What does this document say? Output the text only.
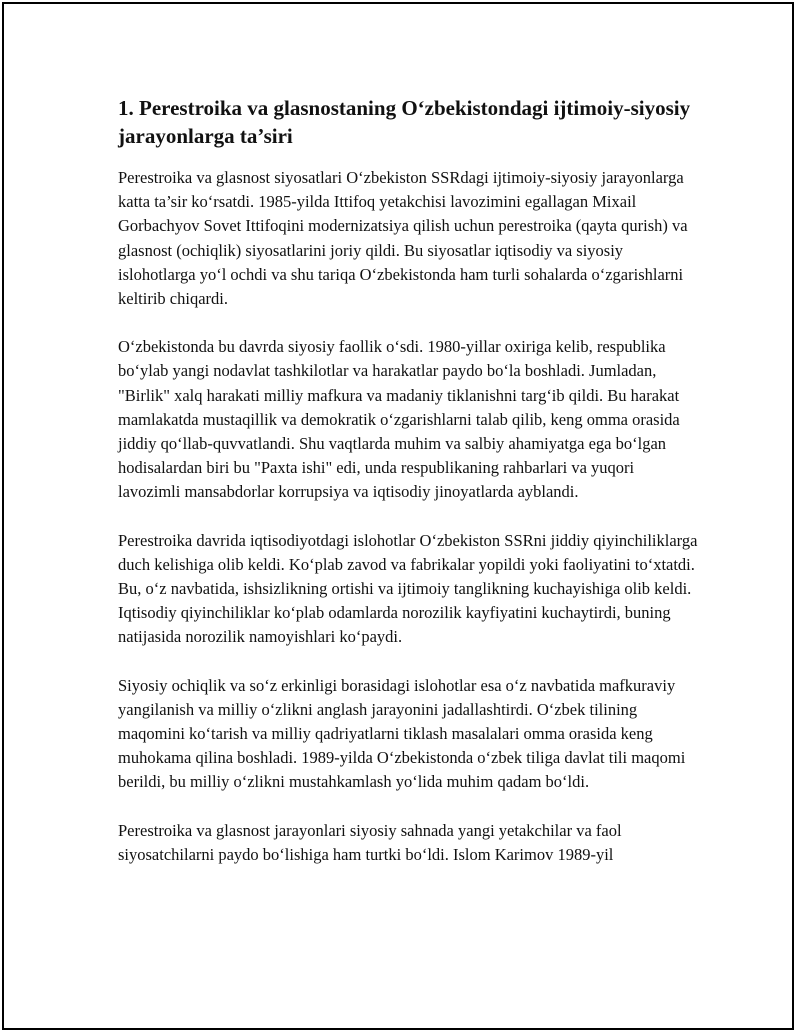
1. Perestroika va glasnostaning O‘zbekistondagi ijtimoiy-siyosiy jarayonlarga ta’siri

Perestroika va glasnost siyosatlari O‘zbekiston SSRdagi ijtimoiy-siyosiy jarayonlarga katta ta’sir ko‘rsatdi. 1985-yilda Ittifoq yetakchisi lavozimini egallagan Mixail Gorbachyov Sovet Ittifoqini modernizatsiya qilish uchun perestroika (qayta qurish) va glasnost (ochiqlik) siyosatlarini joriy qildi. Bu siyosatlar iqtisodiy va siyosiy islohotlarga yo‘l ochdi va shu tariqa O‘zbekistonda ham turli sohalarda o‘zgarishlarni keltirib chiqardi.

O‘zbekistonda bu davrda siyosiy faollik o‘sdi. 1980-yillar oxiriga kelib, respublika bo‘ylab yangi nodavlat tashkilotlar va harakatlar paydo bo‘la boshladi. Jumladan, "Birlik" xalq harakati milliy mafkura va madaniy tiklanishni targ‘ib qildi. Bu harakat mamlakatda mustaqillik va demokratik o‘zgarishlarni talab qilib, keng omma orasida jiddiy qo‘llab-quvvatlandi. Shu vaqtlarda muhim va salbiy ahamiyatga ega bo‘lgan hodisalardan biri bu "Paxta ishi" edi, unda respublikaning rahbarlari va yuqori lavozimli mansabdorlar korrupsiya va iqtisodiy jinoyatlarda ayblandi.

Perestroika davrida iqtisodiyotdagi islohotlar O‘zbekiston SSRni jiddiy qiyinchiliklarga duch kelishiga olib keldi. Ko‘plab zavod va fabrikalar yopildi yoki faoliyatini to‘xtatdi. Bu, o‘z navbatida, ishsizlikning ortishi va ijtimoiy tanglikning kuchayishiga olib keldi. Iqtisodiy qiyinchiliklar ko‘plab odamlarda norozilik kayfiyatini kuchaytirdi, buning natijasida norozilik namoyishlari ko‘paydi.

Siyosiy ochiqlik va so‘z erkinligi borasidagi islohotlar esa o‘z navbatida mafkuraviy yangilanish va milliy o‘zlikni anglash jarayonini jadallashtirdi. O‘zbek tilining maqomini ko‘tarish va milliy qadriyatlarni tiklash masalalari omma orasida keng muhokama qilina boshladi. 1989-yilda O‘zbekistonda o‘zbek tiliga davlat tili maqomi berildi, bu milliy o‘zlikni mustahkamlash yo‘lida muhim qadam bo‘ldi.

Perestroika va glasnost jarayonlari siyosiy sahnada yangi yetakchilar va faol siyosatchilarni paydo bo‘lishiga ham turtki bo‘ldi. Islom Karimov 1989-yil
